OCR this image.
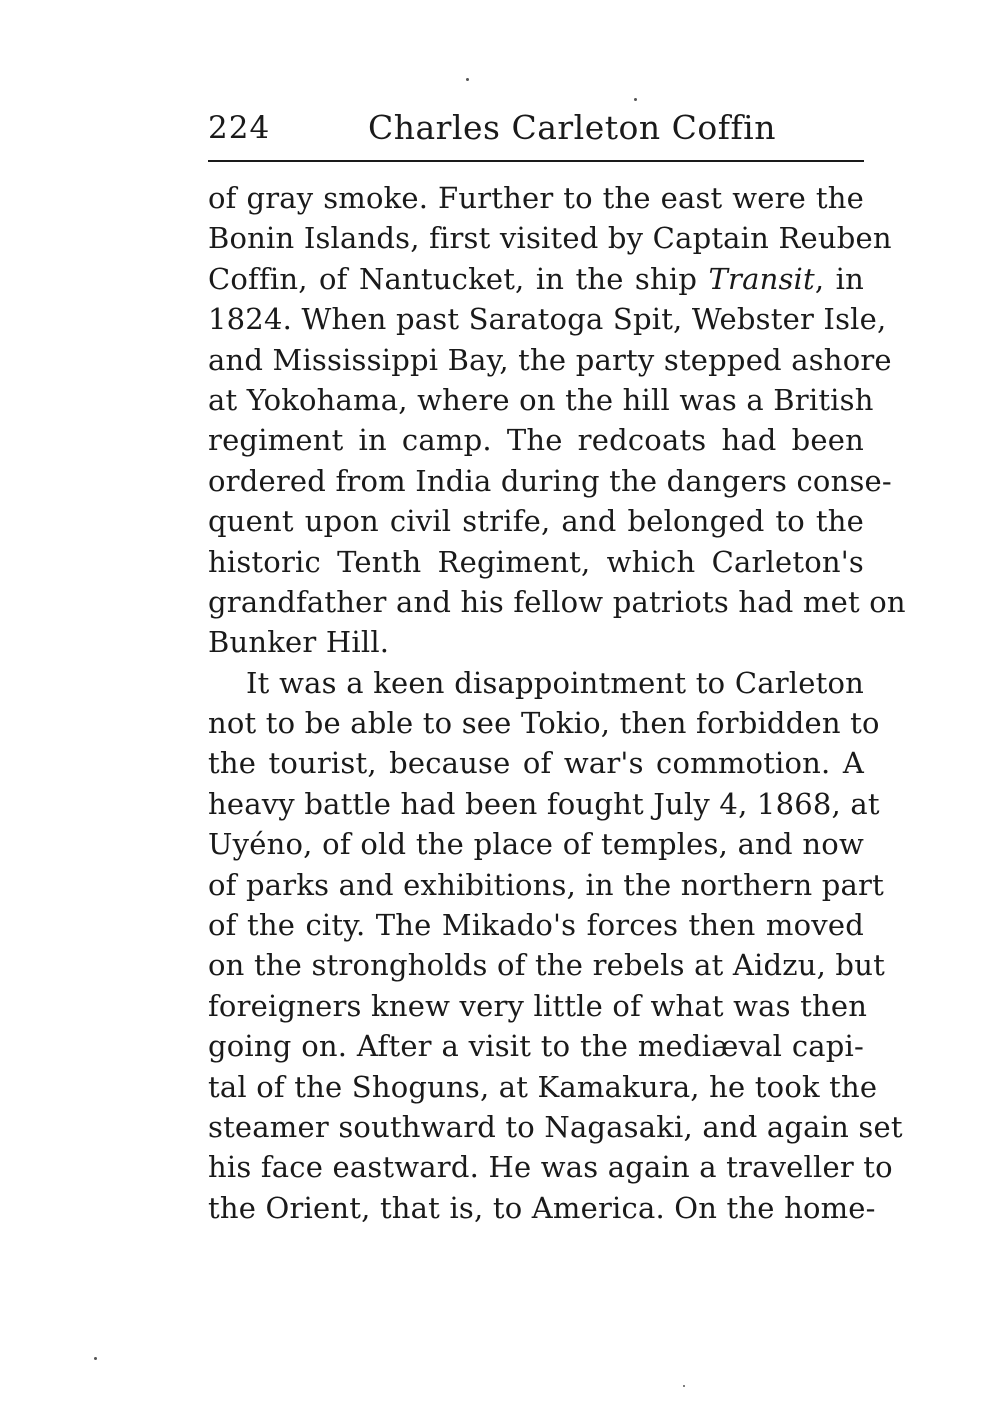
224	Charles Carleton Coffin
of gray smoke. Further to the east were the
Bonin Islands, first visited by Captain Reuben
Coffin, of Nantucket, in the ship Transit, in
1824. When past Saratoga Spit, Webster Isle,
and Mississippi Bay, the party stepped ashore
at Yokohama, where on the hill was a British
regiment in camp. The redcoats had been
ordered from India during the dangers conse-
quent upon civil strife, and belonged to the
historic Tenth Regiment, which Carleton's
grandfather and his fellow patriots had met on
Bunker Hill.
It was a keen disappointment to Carleton
not to be able to see Tokio, then forbidden to
the tourist, because of war's commotion. A
heavy battle had been fought July 4, 1868, at
Uyéno, of old the place of temples, and now
of parks and exhibitions, in the northern part
of the city. The Mikado's forces then moved
on the strongholds of the rebels at Aidzu, but
foreigners knew very little of what was then
going on. After a visit to the mediæval capi-
tal of the Shoguns, at Kamakura, he took the
steamer southward to Nagasaki, and again set
his face eastward. He was again a traveller to
the Orient, that is, to America. On the home-
